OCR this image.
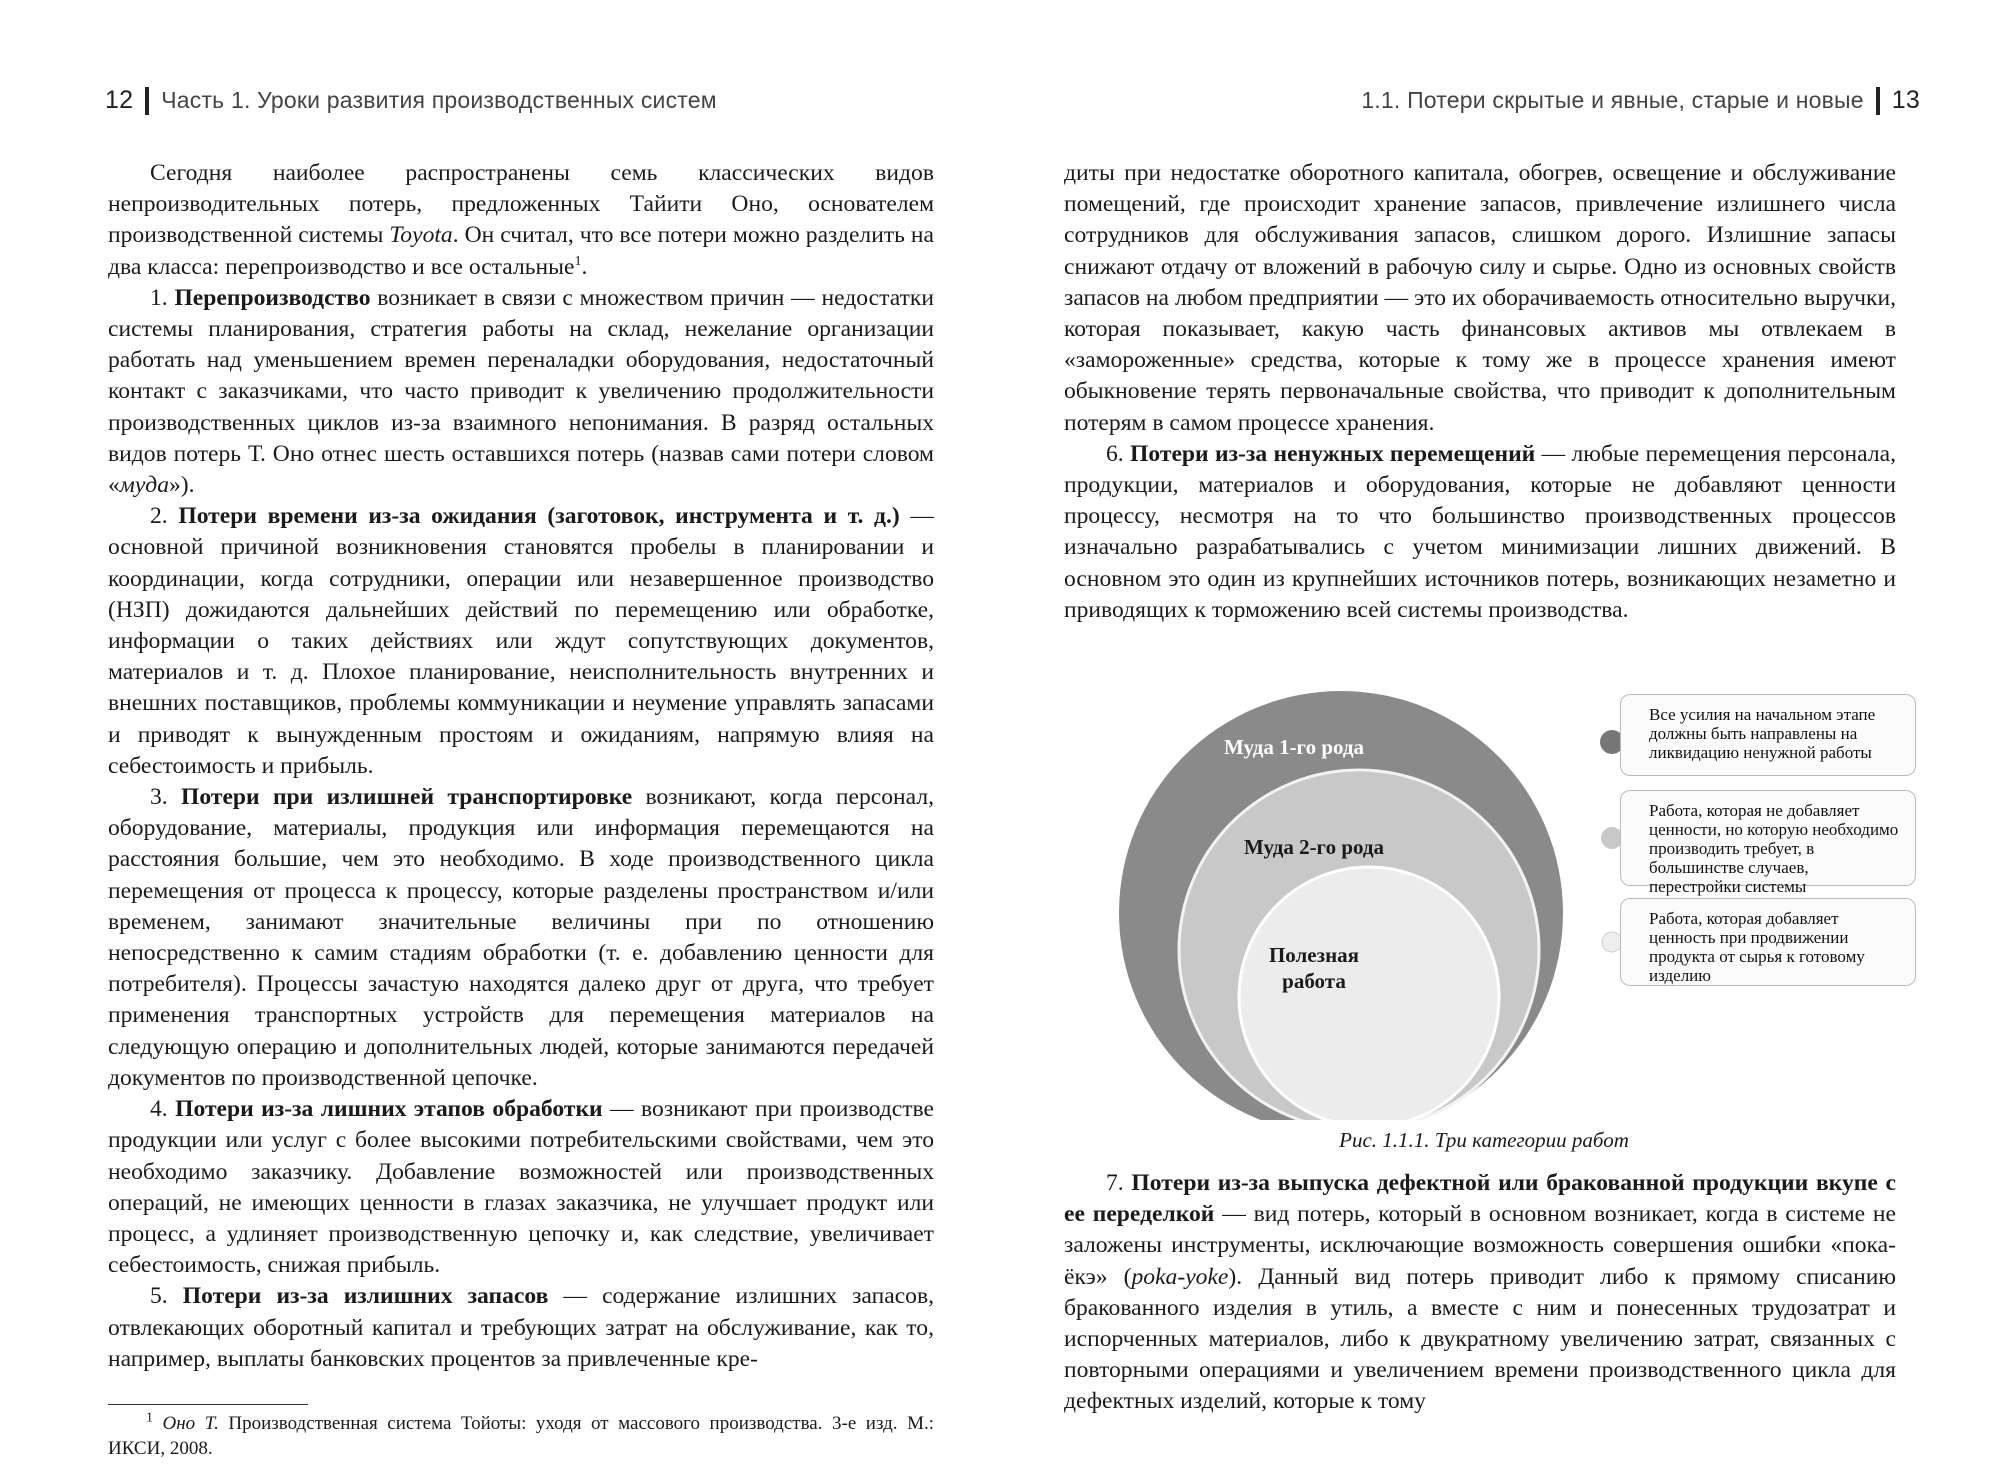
12 Часть 1. Уроки развития производственных систем

Сегодня наиболее распространены семь классических видов непроизводительных потерь, предложенных Тайити Оно, основателем производственной системы Toyota. Он считал, что все потери можно разделить на два класса: перепроизводство и все остальные$^1$.

1. Перепроизводство возникает в связи с множеством причин — недостатки системы планирования, стратегия работы на склад, нежелание организации работать над уменьшением времен переналадки оборудования, недостаточный контакт с заказчиками, что часто приводит к увеличению продолжительности производственных циклов из-за взаимного непонимания. В разряд остальных видов потерь Т. Оно отнес шесть оставшихся потерь (назвав сами потери словом «муда»).

2. Потери времени из-за ожидания (заготовок, инструмента и т. д.) — основной причиной возникновения становятся пробелы в планировании и координации, когда сотрудники, операции или незавершенное производство (НЗП) дожидаются дальнейших действий по перемещению или обработке, информации о таких действиях или ждут сопутствующих документов, материалов и т. д. Плохое планирование, неисполнительность внутренних и внешних поставщиков, проблемы коммуникации и неумение управлять запасами и приводят к вынужденным простоям и ожиданиям, напрямую влияя на себестоимость и прибыль.

3. Потери при излишней транспортировке возникают, когда персонал, оборудование, материалы, продукция или информация перемещаются на расстояния большие, чем это необходимо. В ходе производственного цикла перемещения от процесса к процессу, которые разделены пространством и/или временем, занимают значительные величины при по отношению непосредственно к самим стадиям обработки (т. е. добавлению ценности для потребителя). Процессы зачастую находятся далеко друг от друга, что требует применения транспортных устройств для перемещения материалов на следующую операцию и дополнительных людей, которые занимаются передачей документов по производственной цепочке.

4. Потери из-за лишних этапов обработки — возникают при производстве продукции или услуг с более высокими потребительскими свойствами, чем это необходимо заказчику. Добавление возможностей или производственных операций, не имеющих ценности в глазах заказчика, не улучшает продукт или процесс, а удлиняет производственную цепочку и, как следствие, увеличивает себестоимость, снижая прибыль.

5. Потери из-за излишних запасов — содержание излишних запасов, отвлекающих оборотный капитал и требующих затрат на обслуживание, как то, например, выплаты банковских процентов за привлеченные кре-

$^1$ Оно Т. Производственная система Тойоты: уходя от массового производства. 3-е изд. М.: ИКСИ, 2008.

1.1. Потери скрытые и явные, старые и новые 13

диты при недостатке оборотного капитала, обогрев, освещение и обслуживание помещений, где происходит хранение запасов, привлечение излишнего числа сотрудников для обслуживания запасов, слишком дорого. Излишние запасы снижают отдачу от вложений в рабочую силу и сырье. Одно из основных свойств запасов на любом предприятии — это их оборачиваемость относительно выручки, которая показывает, какую часть финансовых активов мы отвлекаем в «замороженные» средства, которые к тому же в процессе хранения имеют обыкновение терять первоначальные свойства, что приводит к дополнительным потерям в самом процессе хранения.

6. Потери из-за ненужных перемещений — любые перемещения персонала, продукции, материалов и оборудования, которые не добавляют ценности процессу, несмотря на то что большинство производственных процессов изначально разрабатывались с учетом минимизации лишних движений. В основном это один из крупнейших источников потерь, возникающих незаметно и приводящих к торможению всей системы производства.

Муда 1-го рода
Муда 2-го рода
Полезная работа
Все усилия на начальном этапе должны быть направлены на ликвидацию ненужной работы
Работа, которая не добавляет ценности, но которую необходимо производить требует, в большинстве случаев, перестройки системы
Работа, которая добавляет ценность при продвижении продукта от сырья к готовому изделию
Рис. 1.1.1. Три категории работ

7. Потери из-за выпуска дефектной или бракованной продукции вкупе с ее переделкой — вид потерь, который в основном возникает, когда в системе не заложены инструменты, исключающие возможность совершения ошибки «пока-ёкэ» (poka-yoke). Данный вид потерь приводит либо к прямому списанию бракованного изделия в утиль, а вместе с ним и понесенных трудозатрат и испорченных материалов, либо к двукратному увеличению затрат, связанных с повторными операциями и увеличением времени производственного цикла для дефектных изделий, которые к тому
